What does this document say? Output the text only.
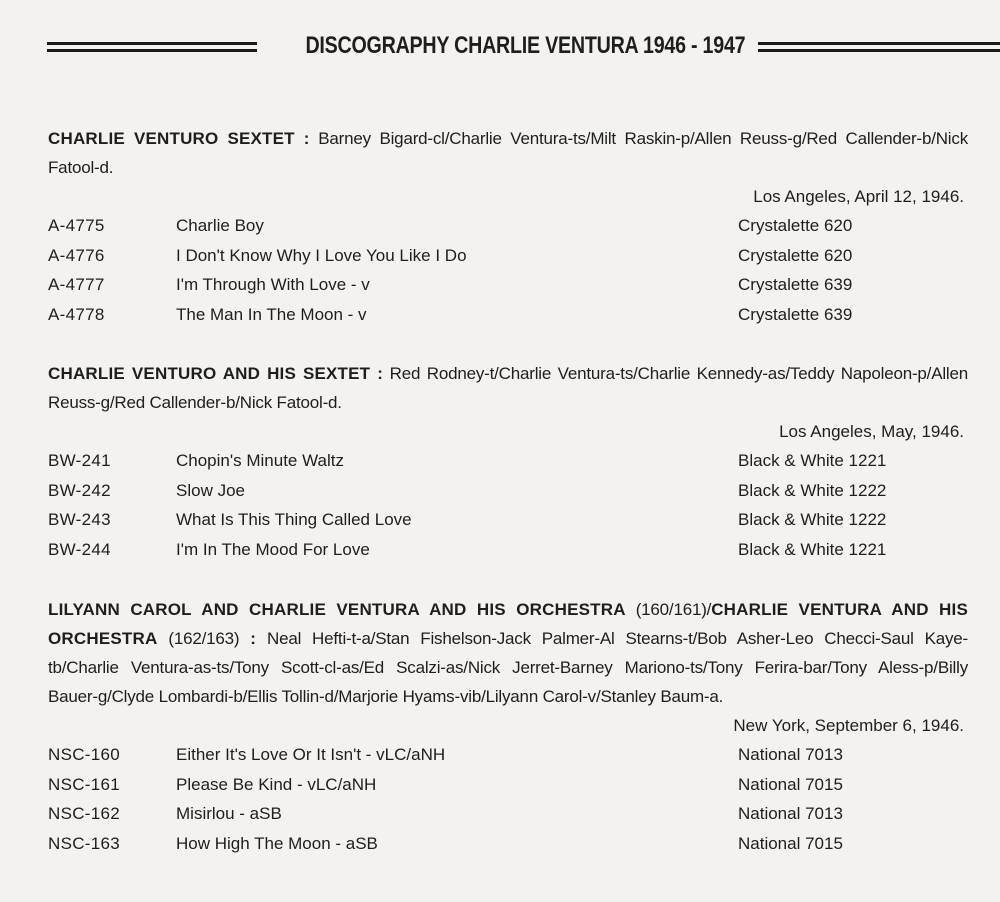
DISCOGRAPHY CHARLIE VENTURA 1946 - 1947
CHARLIE VENTURO SEXTET : Barney Bigard-cl/Charlie Ventura-ts/Milt Raskin-p/Allen Reuss-g/Red Callender-b/Nick Fatool-d.
Los Angeles, April 12, 1946.
A-4775	Charlie Boy	Crystalette 620
A-4776	I Don't Know Why I Love You Like I Do	Crystalette 620
A-4777	I'm Through With Love - v	Crystalette 639
A-4778	The Man In The Moon - v	Crystalette 639
CHARLIE VENTURO AND HIS SEXTET : Red Rodney-t/Charlie Ventura-ts/Charlie Kennedy-as/Teddy Napoleon-p/Allen Reuss-g/Red Callender-b/Nick Fatool-d.
Los Angeles, May, 1946.
BW-241	Chopin's Minute Waltz	Black & White 1221
BW-242	Slow Joe	Black & White 1222
BW-243	What Is This Thing Called Love	Black & White 1222
BW-244	I'm In The Mood For Love	Black & White 1221
LILYANN CAROL AND CHARLIE VENTURA AND HIS ORCHESTRA (160/161)/CHARLIE VENTURA AND HIS ORCHESTRA (162/163) : Neal Hefti-t-a/Stan Fishelson-Jack Palmer-Al Stearns-t/Bob Asher-Leo Checci-Saul Kaye-tb/Charlie Ventura-as-ts/Tony Scott-cl-as/Ed Scalzi-as/Nick Jerret-Barney Mariono-ts/Tony Ferira-bar/Tony Aless-p/Billy Bauer-g/Clyde Lombardi-b/Ellis Tollin-d/Marjorie Hyams-vib/Lilyann Carol-v/Stanley Baum-a.
New York, September 6, 1946.
NSC-160	Either It's Love Or It Isn't - vLC/aNH	National 7013
NSC-161	Please Be Kind - vLC/aNH	National 7015
NSC-162	Misirlou - aSB	National 7013
NSC-163	How High The Moon - aSB	National 7015
